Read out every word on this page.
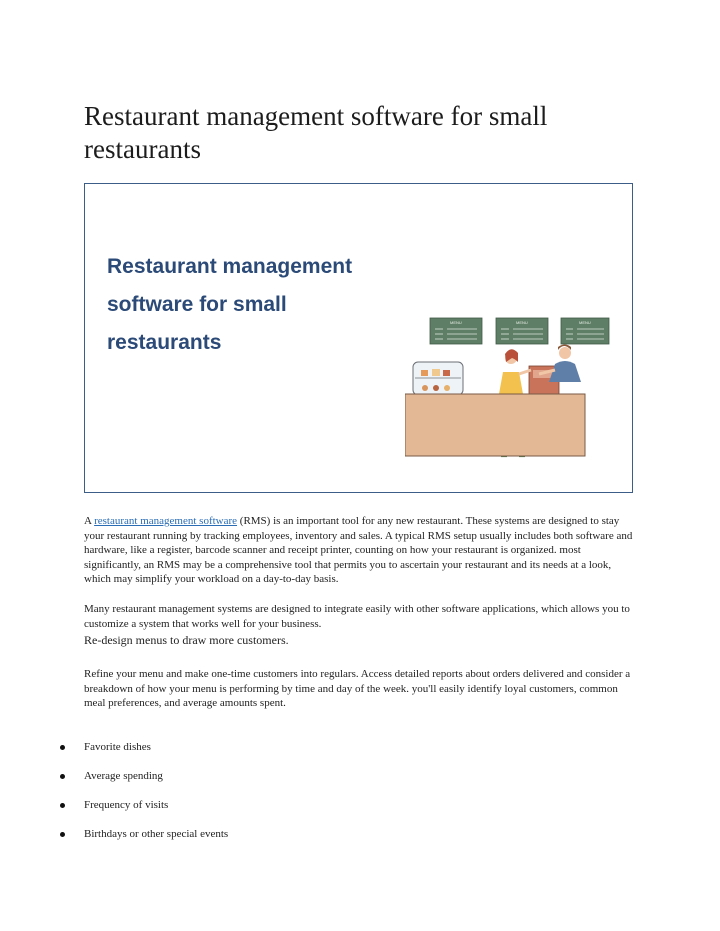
Restaurant management software for small restaurants
Restaurant management
software for small
restaurants
MENU	MENU	MENU

A restaurant management software (RMS) is an important tool for any new restaurant. These systems are designed to stay your restaurant running by tracking employees, inventory and sales. A typical RMS setup usually includes both software and hardware, like a register, barcode scanner and receipt printer, counting on how your restaurant is organized. most significantly, an RMS may be a comprehensive tool that permits you to ascertain your restaurant and its needs at a look, which may simplify your workload on a day-to-day basis.

Many restaurant management systems are designed to integrate easily with other software applications, which allows you to customize a system that works well for your business.

Re-design menus to draw more customers.

Refine your menu and make one-time customers into regulars. Access detailed reports about orders delivered and consider a breakdown of how your menu is performing by time and day of the week. you'll easily identify loyal customers, common meal preferences, and average amounts spent.

Favorite dishes
Average spending
Frequency of visits
Birthdays or other special events
